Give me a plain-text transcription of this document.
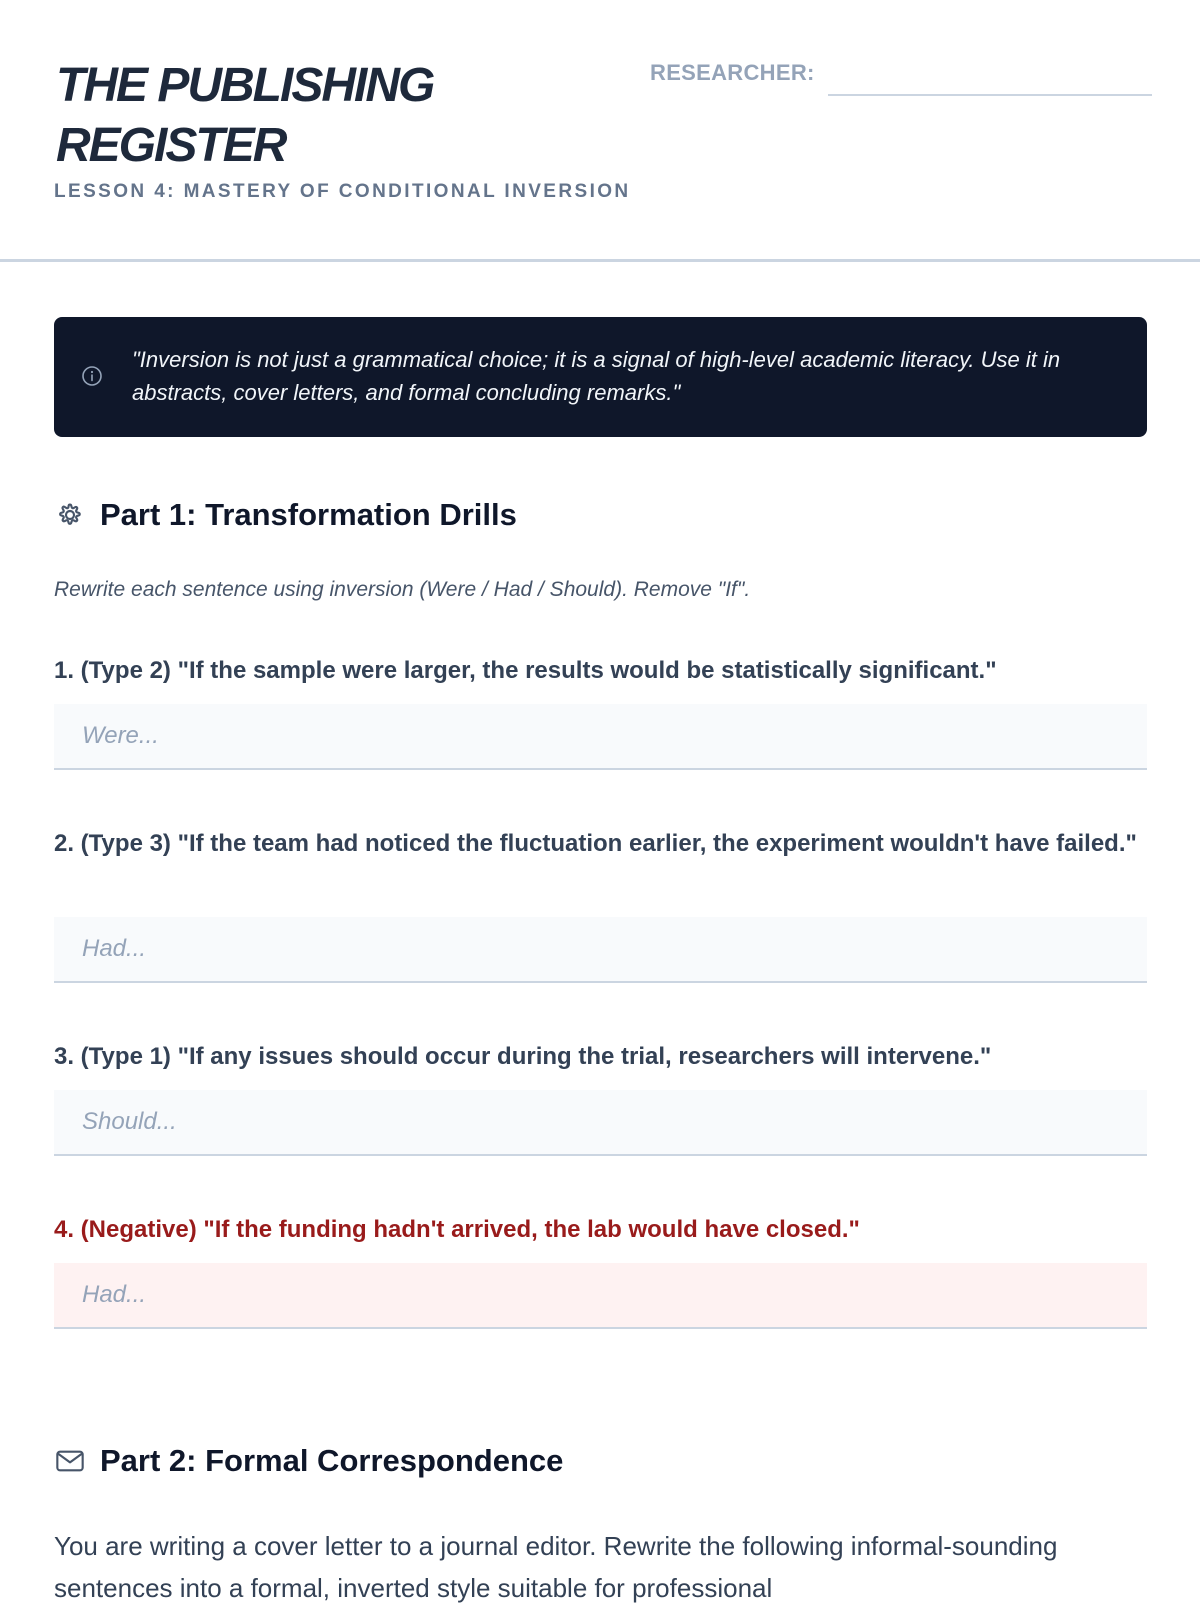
THE PUBLISHING REGISTER
LESSON 4: MASTERY OF CONDITIONAL INVERSION
RESEARCHER:

"Inversion is not just a grammatical choice; it is a signal of high-level academic literacy. Use it in abstracts, cover letters, and formal concluding remarks."

Part 1: Transformation Drills

Rewrite each sentence using inversion (Were / Had / Should). Remove "If".

1. (Type 2) "If the sample were larger, the results would be statistically significant."

Were...

2. (Type 3) "If the team had noticed the fluctuation earlier, the experiment wouldn't have failed."

Had...

3. (Type 1) "If any issues should occur during the trial, researchers will intervene."

Should...

4. (Negative) "If the funding hadn't arrived, the lab would have closed."

Had...
Part 2: Formal Correspondence

You are writing a cover letter to a journal editor. Rewrite the following informal-sounding sentences into a formal, inverted style suitable for professional
